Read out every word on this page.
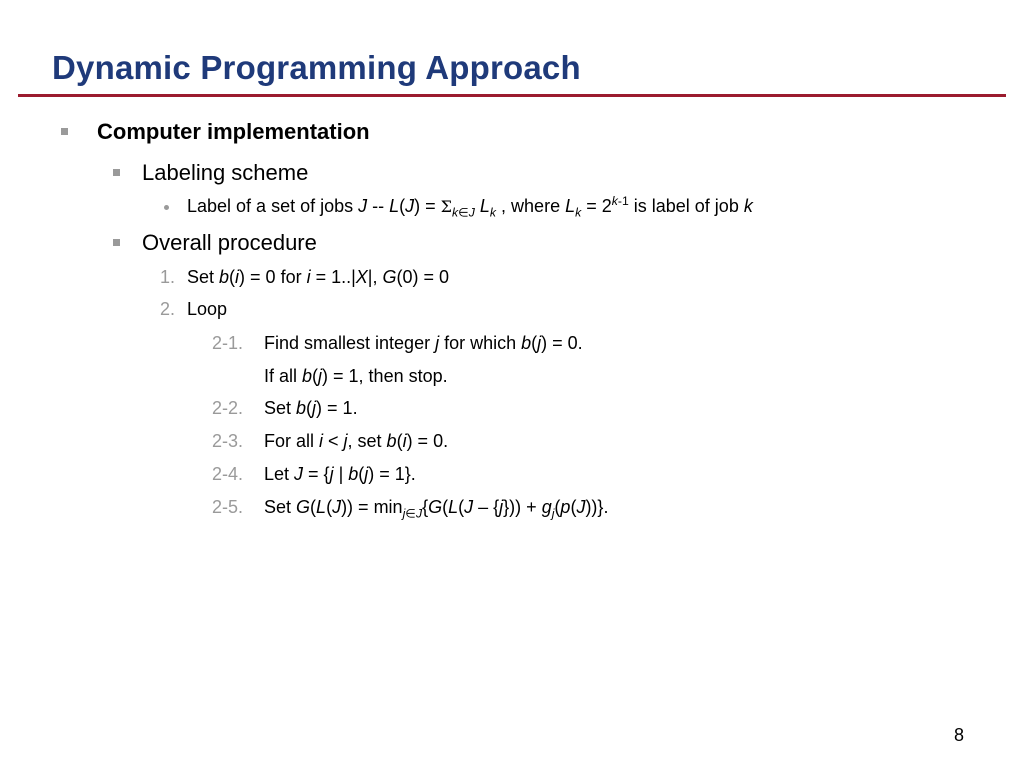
Dynamic Programming Approach
Computer implementation
Labeling scheme
Label of a set of jobs $J -- L(J) = \Sigma_{k\in J}$ $L_k$ , where $L_k = 2^{k-1}$ is label of job k
Overall procedure
1. Set b(i) = 0 for i = 1..|X|, G(0) = 0
2. Loop
2-1. Find smallest integer j for which b(j) = 0.
If all b(j) = 1, then stop.
2-2. Set b(j) = 1.
2-3. For all i < j, set b(i) = 0.
2-4. Let J = {j | b(j) = 1}.
2-5. Set $G(L(J)) = \min_{j\in J}\{G(L(J - \{j\})) + g_j(p(J))\}$.
8
